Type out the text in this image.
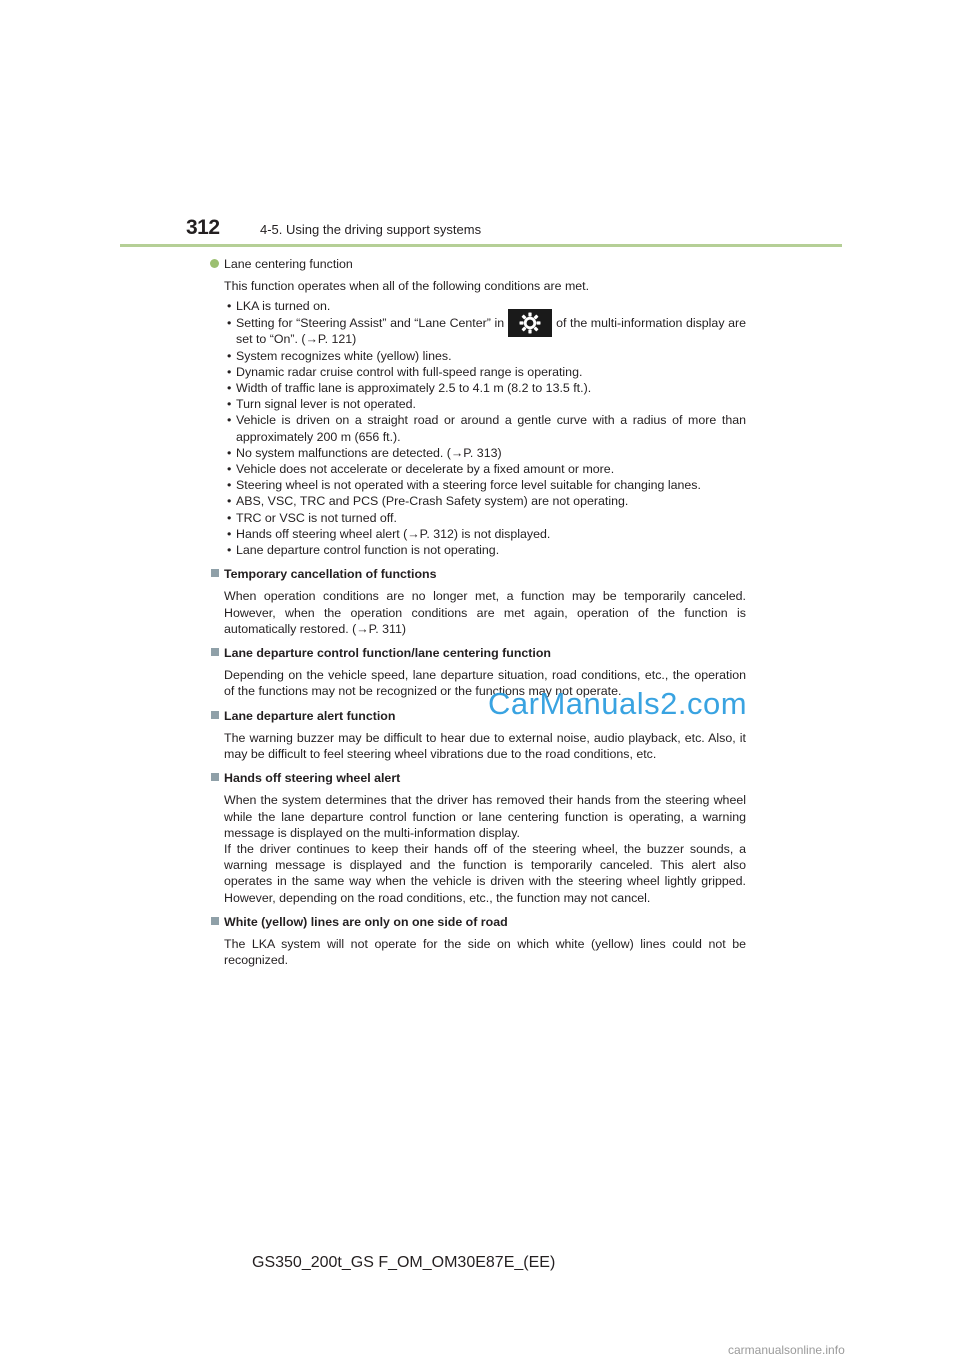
312	4-5. Using the driving support systems
Lane centering function
This function operates when all of the following conditions are met.
• LKA is turned on.
• Setting for “Steering Assist” and “Lane Center” in	of the multi-information display are set to “On”. (→P. 121)
• System recognizes white (yellow) lines.
• Dynamic radar cruise control with full-speed range is operating.
• Width of traffic lane is approximately 2.5 to 4.1 m (8.2 to 13.5 ft.).
• Turn signal lever is not operated.
• Vehicle is driven on a straight road or around a gentle curve with a radius of more than approximately 200 m (656 ft.).
• No system malfunctions are detected. (→P. 313)
• Vehicle does not accelerate or decelerate by a fixed amount or more.
• Steering wheel is not operated with a steering force level suitable for changing lanes.
• ABS, VSC, TRC and PCS (Pre-Crash Safety system) are not operating.
• TRC or VSC is not turned off.
• Hands off steering wheel alert (→P. 312) is not displayed.
• Lane departure control function is not operating.
Temporary cancellation of functions
When operation conditions are no longer met, a function may be temporarily canceled. However, when the operation conditions are met again, operation of the function is automatically restored. (→P. 311)
Lane departure control function/lane centering function
Depending on the vehicle speed, lane departure situation, road conditions, etc., the operation of the functions may not be recognized or the functions may not operate.
Lane departure alert function
The warning buzzer may be difficult to hear due to external noise, audio playback, etc. Also, it may be difficult to feel steering wheel vibrations due to the road conditions, etc.
Hands off steering wheel alert
When the system determines that the driver has removed their hands from the steering wheel while the lane departure control function or lane centering function is operating, a warning message is displayed on the multi-information display.
If the driver continues to keep their hands off of the steering wheel, the buzzer sounds, a warning message is displayed and the function is temporarily canceled. This alert also operates in the same way when the vehicle is driven with the steering wheel lightly gripped. However, depending on the road conditions, etc., the function may not cancel.
White (yellow) lines are only on one side of road
The LKA system will not operate for the side on which white (yellow) lines could not be recognized.
CarManuals2.com
GS350_200t_GS F_OM_OM30E87E_(EE)
carmanualsonline.info
